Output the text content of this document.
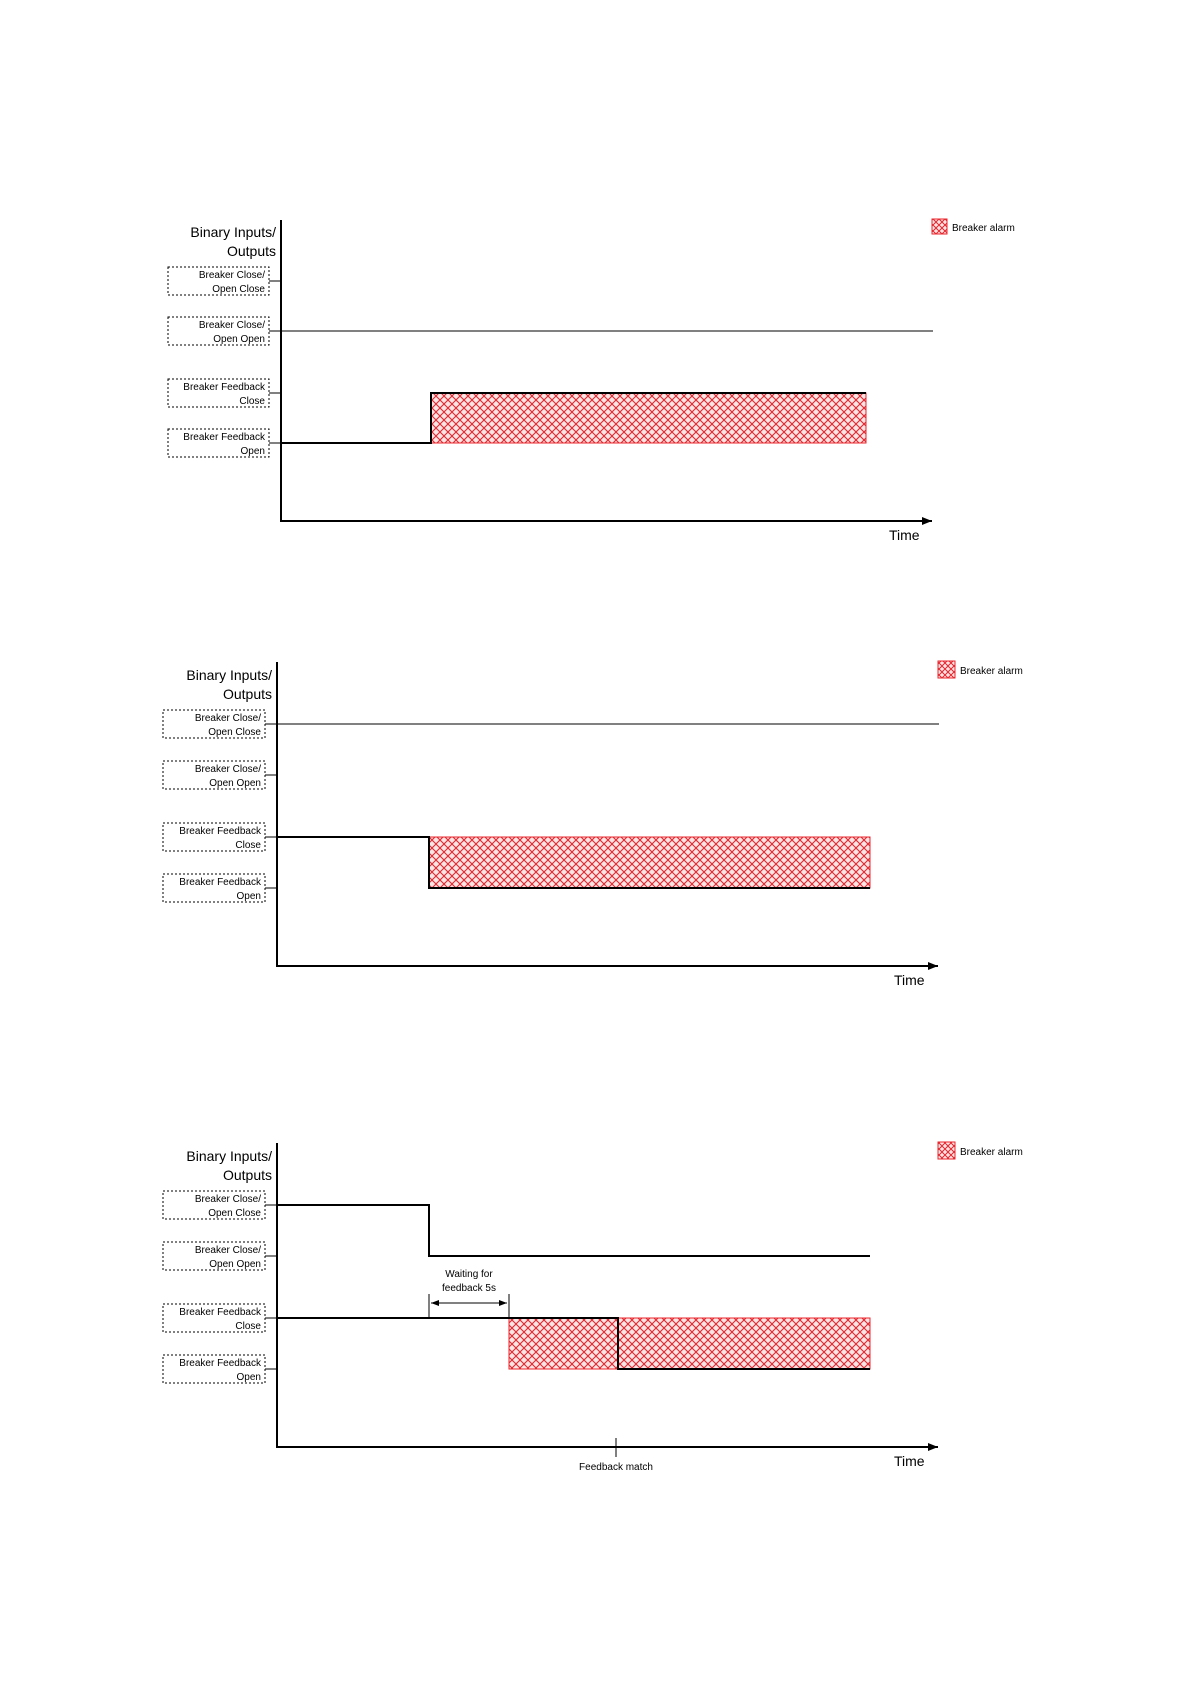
Breaker alarm
Binary Inputs/
Outputs
Breaker Close/
Open Close
Breaker Close/
Open Open
Breaker Feedback
Close
Breaker Feedback
Open
Time
Breaker alarm
Binary Inputs/
Outputs
Breaker Close/
Open Close
Breaker Close/
Open Open
Breaker Feedback
Close
Breaker Feedback
Open
Time
Breaker alarm
Binary Inputs/
Outputs
Breaker Close/
Open Close
Breaker Close/
Open Open
Breaker Feedback
Close
Breaker Feedback
Open
Waiting for
feedback 5s
Time
Feedback match
